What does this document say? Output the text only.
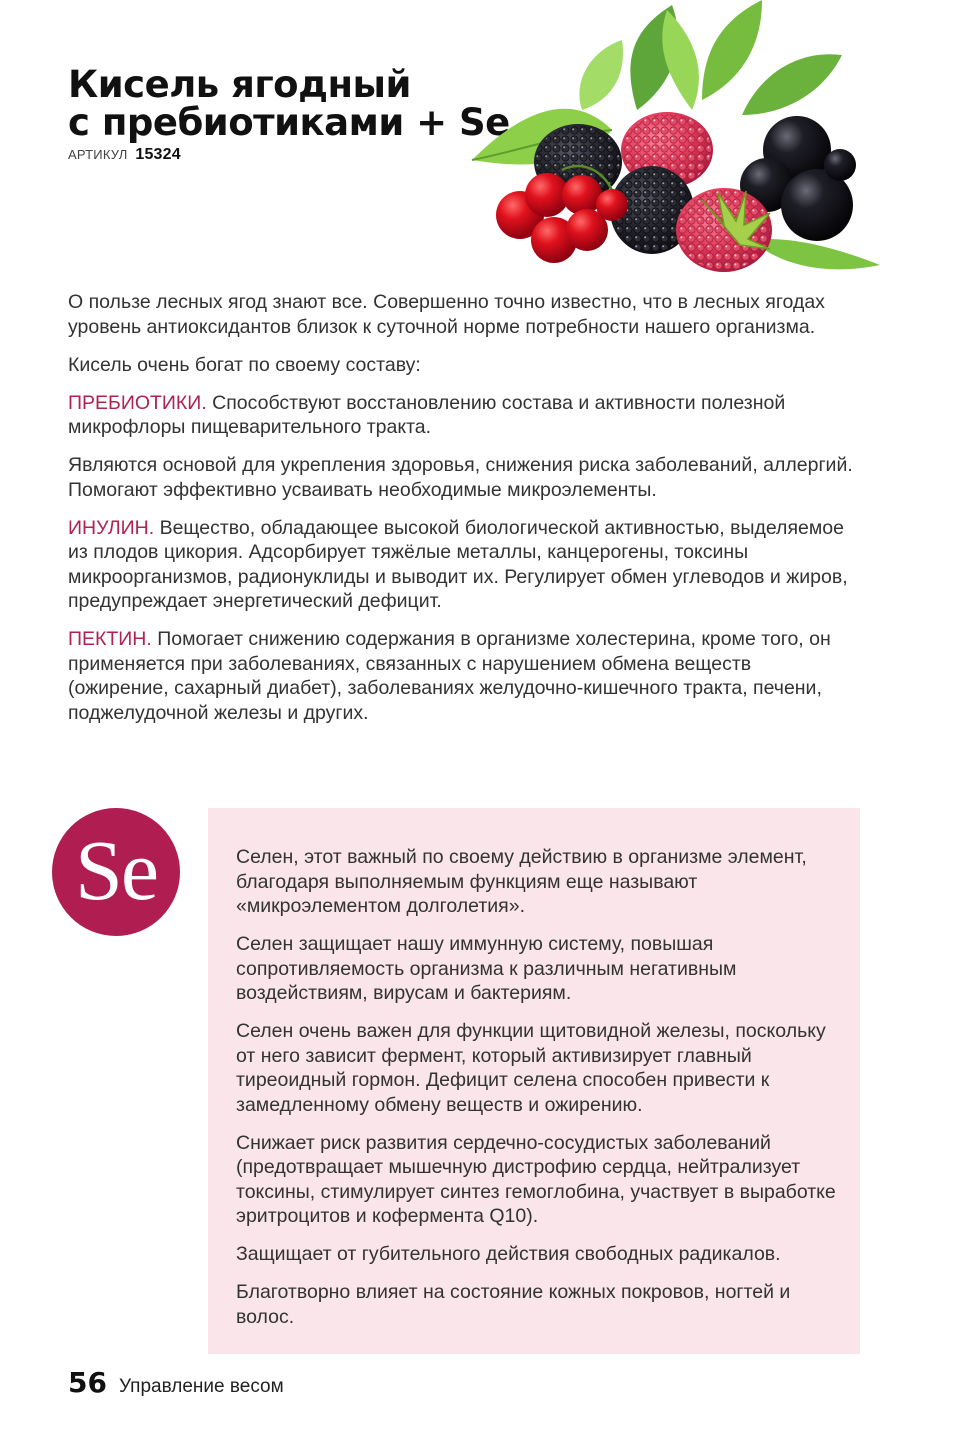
Кисель ягодный
с пребиотиками + Se
АРТИКУЛ 15324

О пользе лесных ягод знают все. Совершенно точно известно, что в лесных ягодах уровень антиоксидантов близок к суточной норме потребности нашего организма.

Кисель очень богат по своему составу:

ПРЕБИОТИКИ. Способствуют восстановлению состава и активности полезной микрофлоры пищеварительного тракта.

Являются основой для укрепления здоровья, снижения риска заболеваний, аллергий. Помогают эффективно усваивать необходимые микроэлементы.

ИНУЛИН. Вещество, обладающее высокой биологической активностью, выделяемое из плодов цикория. Адсорбирует тяжёлые металлы, канцерогены, токсины микроорганизмов, радионуклиды и выводит их. Регулирует обмен углеводов и жиров, предупреждает энергетический дефицит.

ПЕКТИН. Помогает снижению содержания в организме холестерина, кроме того, он применяется при заболеваниях, связанных с нарушением обмена веществ (ожирение, сахарный диабет), заболеваниях желудочно-кишечного тракта, печени, поджелудочной железы и других.

Se	Селен, этот важный по своему действию в организме элемент, благодаря выполняемым функциям еще называют «микроэлементом долголетия».

Селен защищает нашу иммунную систему, повышая сопротивляемость организма к различным негативным воздействиям, вирусам и бактериям.

Селен очень важен для функции щитовидной железы, поскольку от него зависит фермент, который активизирует главный тиреоидный гормон. Дефицит селена способен привести к замедленному обмену веществ и ожирению.

Снижает риск развития сердечно-сосудистых заболеваний (предотвращает мышечную дистрофию сердца, нейтрализует токсины, стимулирует синтез гемоглобина, участвует в выработке эритроцитов и кофермента Q10).

Защищает от губительного действия свободных радикалов.

Благотворно влияет на состояние кожных покровов, ногтей и волос.

56 Управление весом
